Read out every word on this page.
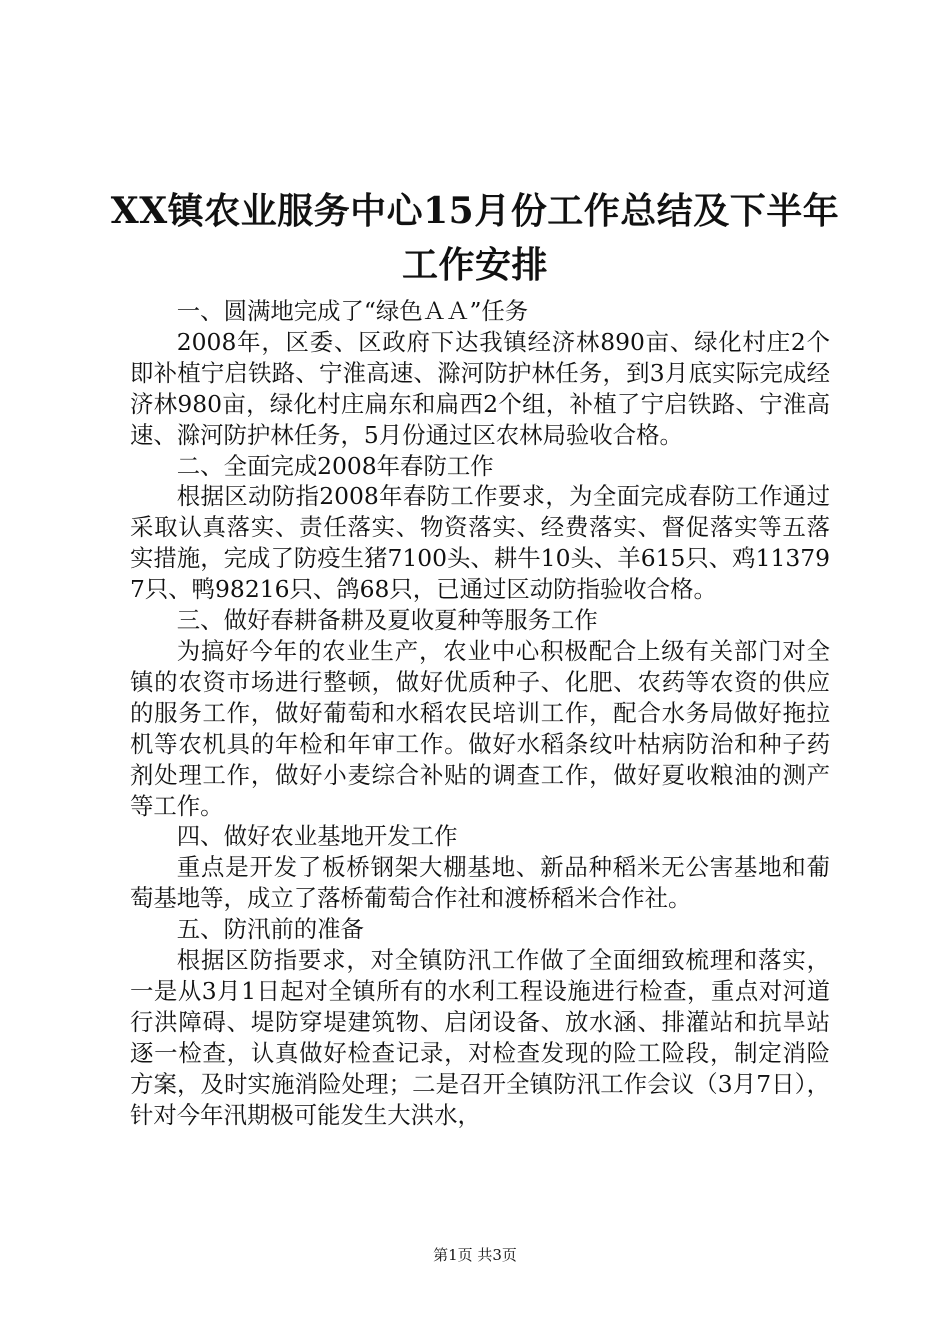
XX镇农业服务中心15月份工作总结及下半年
工作安排

一、圆满地完成了“绿色ＡＡ”任务

2008年，区委、区政府下达我镇经济林890亩、绿化村庄2个即补植宁启铁路、宁淮高速、滁河防护林任务，到3月底实际完成经济林980亩，绿化村庄扁东和扁西2个组，补植了宁启铁路、宁淮高速、滁河防护林任务，5月份通过区农林局验收合格。

二、全面完成2008年春防工作

根据区动防指2008年春防工作要求，为全面完成春防工作通过采取认真落实、责任落实、物资落实、经费落实、督促落实等五落实措施，完成了防疫生猪7100头、耕牛10头、羊615只、鸡113797只、鸭98216只、鸽68只，已通过区动防指验收合格。

三、做好春耕备耕及夏收夏种等服务工作

为搞好今年的农业生产，农业中心积极配合上级有关部门对全镇的农资市场进行整顿，做好优质种子、化肥、农药等农资的供应的服务工作，做好葡萄和水稻农民培训工作，配合水务局做好拖拉机等农机具的年检和年审工作。做好水稻条纹叶枯病防治和种子药剂处理工作，做好小麦综合补贴的调查工作，做好夏收粮油的测产等工作。

四、做好农业基地开发工作

重点是开发了板桥钢架大棚基地、新品种稻米无公害基地和葡萄基地等，成立了落桥葡萄合作社和渡桥稻米合作社。

五、防汛前的准备

根据区防指要求，对全镇防汛工作做了全面细致梳理和落实，一是从3月1日起对全镇所有的水利工程设施进行检查，重点对河道行洪障碍、堤防穿堤建筑物、启闭设备、放水涵、排灌站和抗旱站逐一检查，认真做好检查记录，对检查发现的险工险段，制定消险方案，及时实施消险处理；二是召开全镇防汛工作会议（3月7日），针对今年汛期极可能发生大洪水，

第1页 共3页
